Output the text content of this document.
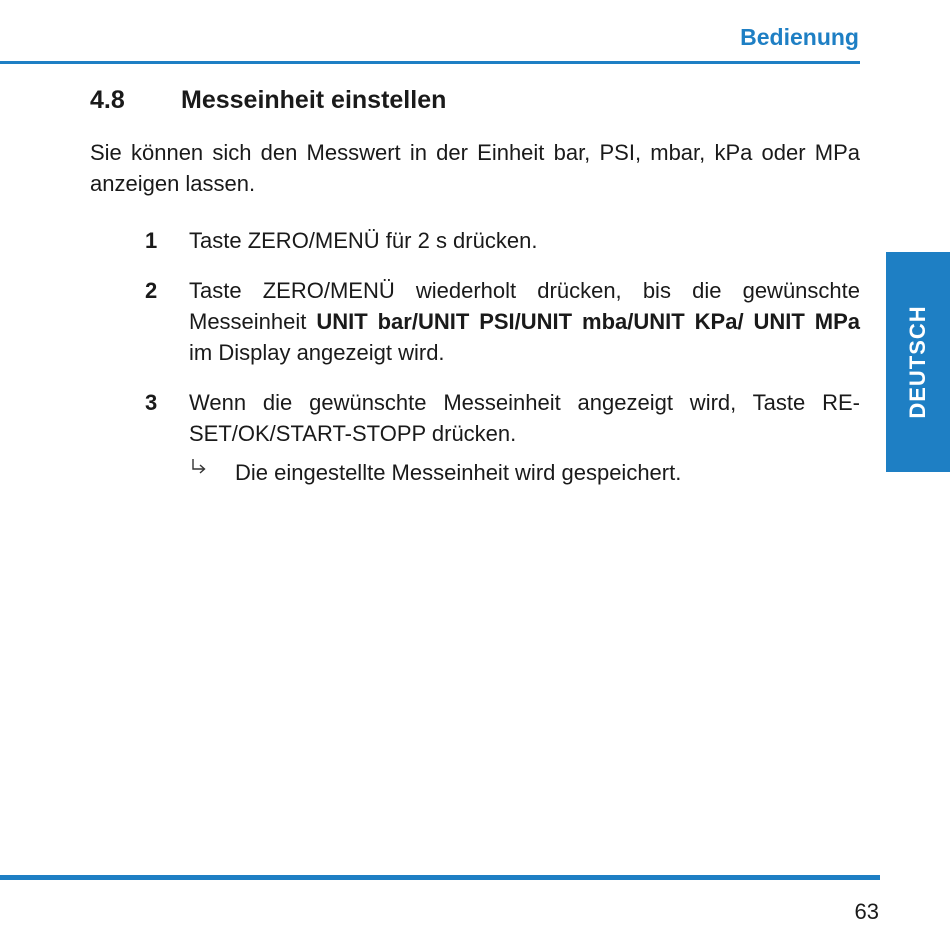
Bedienung
4.8 Messeinheit einstellen

Sie können sich den Messwert in der Einheit bar, PSI, mbar, kPa oder MPa anzeigen lassen.

1 Taste ZERO/MENÜ für 2 s drücken.
2 Taste ZERO/MENÜ wiederholt drücken, bis die gewünschte Messeinheit UNIT bar/UNIT PSI/UNIT mba/UNIT KPa/ UNIT MPa im Display angezeigt wird.
3 Wenn die gewünschte Messeinheit angezeigt wird, Taste RE-SET/OK/START-STOPP drücken.
Die eingestellte Messeinheit wird gespeichert.
DEUTSCH
63
